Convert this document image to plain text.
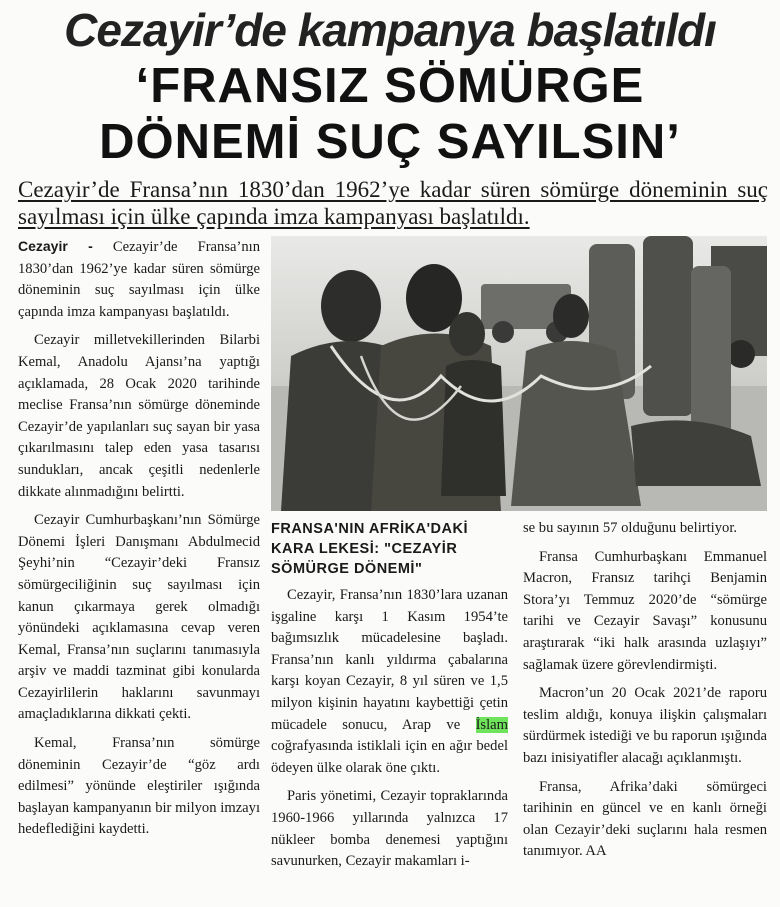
Cezayir’de kampanya başlatıldı
‘FRANSIZ SÖMÜRGE
DÖNEMİ SUÇ SAYILSIN’
Cezayir’de Fransa’nın 1830’dan 1962’ye kadar süren sömürge döneminin suç sayılması için ülke çapında imza kampanyası başlatıldı.

Cezayir - Cezayir’de Fransa’nın 1830’dan 1962’ye kadar süren sömürge döneminin suç sayılması için ülke çapında imza kampanyası başlatıldı.

Cezayir milletvekillerinden Bilarbi Kemal, Anadolu Ajansı’na yaptığı açıklamada, 28 Ocak 2020 tarihinde meclise Fransa’nın sömürge döneminde Cezayir’de yapılanları suç sayan bir yasa çıkarılmasını talep eden yasa tasarısı sundukları, ancak çeşitli nedenlerle dikkate alınmadığını belirtti.

Cezayir Cumhurbaşkanı’nın Sömürge Dönemi İşleri Danışmanı Abdulmecid Şeyhi’nin “Cezayir’deki Fransız sömürgeciliğinin suç sayılması için kanun çıkarmaya gerek olmadığı yönündeki açıklamasına cevap veren Kemal, Fransa’nın suçlarını tanımasıyla arşiv ve maddi tazminat gibi konularda Cezayirlilerin haklarını savunmayı amaçladıklarına dikkati çekti.

Kemal, Fransa’nın sömürge döneminin Cezayir’de “göz ardı edilmesi” yönünde eleştiriler ışığında başlayan kampanyanın bir milyon imzayı hedeflediğini kaydetti.

FRANSA'NIN AFRİKA'DAKİ KARA LEKESİ: "CEZAYİR SÖMÜRGE DÖNEMİ"

Cezayir, Fransa’nın 1830’lara uzanan işgaline karşı 1 Kasım 1954’te bağımsızlık mücadelesine başladı. Fransa’nın kanlı yıldırma çabalarına karşı koyan Cezayir, 8 yıl süren ve 1,5 milyon kişinin hayatını kaybettiği çetin mücadele sonucu, Arap ve İslam coğrafyasında istiklali için en ağır bedel ödeyen ülke olarak öne çıktı.

Paris yönetimi, Cezayir topraklarında 1960-1966 yıllarında yalnızca 17 nükleer bomba denemesi yaptığını savunurken, Cezayir makamları i-

se bu sayının 57 olduğunu belirtiyor.

Fransa Cumhurbaşkanı Emmanuel Macron, Fransız tarihçi Benjamin Stora’yı Temmuz 2020’de “sömürge tarihi ve Cezayir Savaşı” konusunu araştırarak “iki halk arasında uzlaşıyı” sağlamak üzere görevlendirmişti.

Macron’un 20 Ocak 2021’de raporu teslim aldığı, konuya ilişkin çalışmaları sürdürmek istediği ve bu raporun ışığında bazı inisiyatifler alacağı açıklanmıştı.

Fransa, Afrika’daki sömürgeci tarihinin en güncel ve en kanlı örneği olan Cezayir’deki suçlarını hala resmen tanımıyor. AA
